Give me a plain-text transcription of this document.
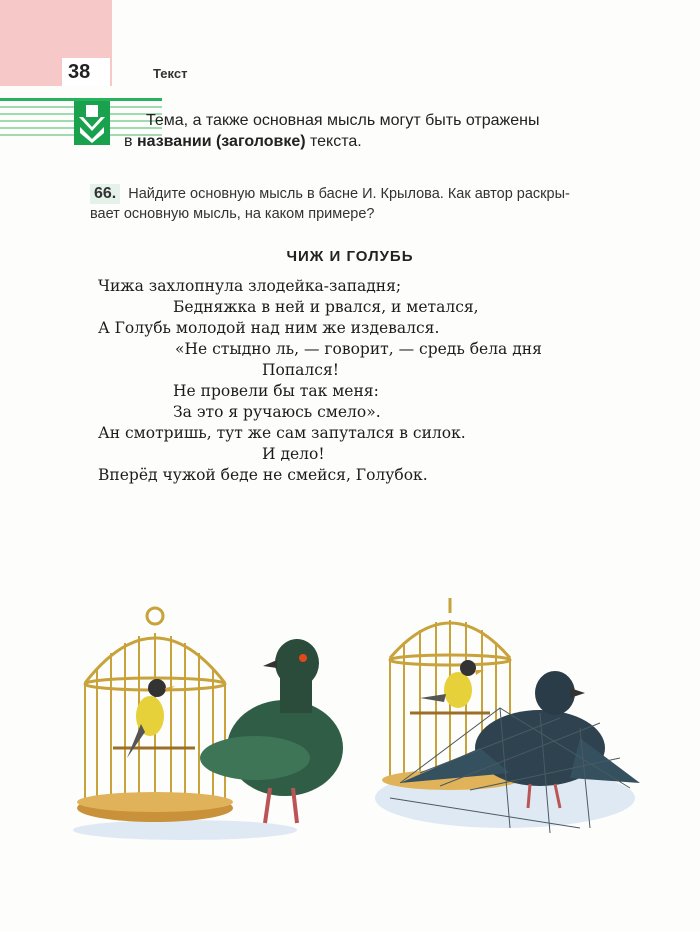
38	Текст
Тема, а также основная мысль могут быть отражены
в названии (заголовке) текста.
66. Найдите основную мысль в басне И. Крылова. Как автор раскры-
вает основную мысль, на каком примере?
ЧИЖ И ГОЛУБЬ
Чижа захлопнула злодейка-западня;
Бедняжка в ней и рвался, и метался,
А Голубь молодой над ним же издевался.
«Не стыдно ль, — говорит, — средь бела дня
Попался!
Не провели бы так меня:
За это я ручаюсь смело».
Ан смотришь, тут же сам запутался в силок.
И дело!
Вперёд чужой беде не смейся, Голубок.
